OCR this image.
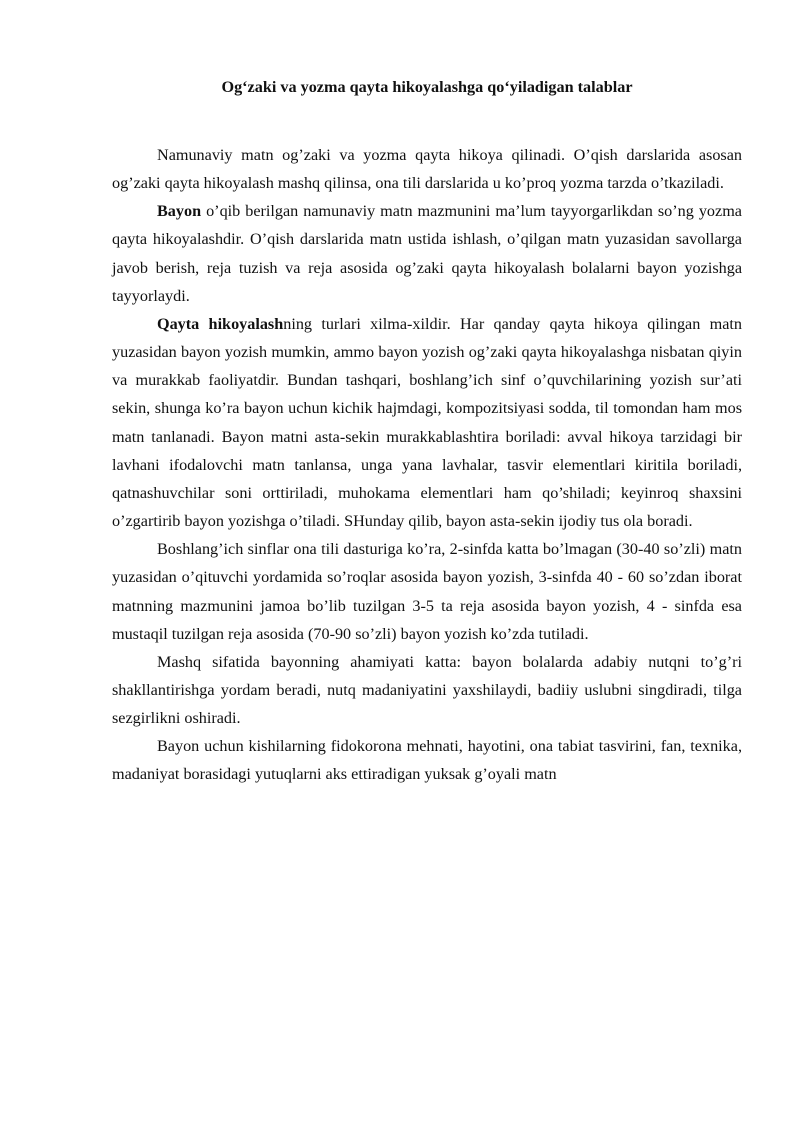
Og‘zaki va yozma qayta hikoyalashga qo‘yiladigan talablar

Namunaviy matn og’zaki va yozma qayta hikoya qilinadi. O’qish darslarida asosan og’zaki qayta hikoyalash mashq qilinsa, ona tili darslarida u ko’proq yozma tarzda o’tkaziladi.

Bayon o’qib berilgan namunaviy matn mazmunini ma’lum tayyorgarlikdan so’ng yozma qayta hikoyalashdir. O’qish darslarida matn ustida ishlash, o’qilgan matn yuzasidan savollarga javob berish, reja tuzish va reja asosida og’zaki qayta hikoyalash bolalarni bayon yozishga tayyorlaydi.

Qayta hikoyalashning turlari xilma-xildir. Har qanday qayta hikoya qilingan matn yuzasidan bayon yozish mumkin, ammo bayon yozish og’zaki qayta hikoyalashga nisbatan qiyin va murakkab faoliyatdir. Bundan tashqari, boshlang’ich sinf o’quvchilarining yozish sur’ati sekin, shunga ko’ra bayon uchun kichik hajmdagi, kompozitsiyasi sodda, til tomondan ham mos matn tanlanadi. Bayon matni asta-sekin murakkablashtira boriladi: avval hikoya tarzidagi bir lavhani ifodalovchi matn tanlansa, unga yana lavhalar, tasvir elementlari kiritila boriladi, qatnashuvchilar soni orttiriladi, muhokama elementlari ham qo’shiladi; keyinroq shaxsini o’zgartirib bayon yozishga o’tiladi. SHunday qilib, bayon asta-sekin ijodiy tus ola boradi.

Boshlang’ich sinflar ona tili dasturiga ko’ra, 2-sinfda katta bo’lmagan (30-40 so’zli) matn yuzasidan o’qituvchi yordamida so’roqlar asosida bayon yozish, 3-sinfda 40 - 60 so’zdan iborat matnning mazmunini jamoa bo’lib tuzilgan 3-5 ta reja asosida bayon yozish, 4 - sinfda esa mustaqil tuzilgan reja asosida (70-90 so’zli) bayon yozish ko’zda tutiladi.

Mashq sifatida bayonning ahamiyati katta: bayon bolalarda adabiy nutqni to’g’ri shakllantirishga yordam beradi, nutq madaniyatini yaxshilaydi, badiiy uslubni singdiradi, tilga sezgirlikni oshiradi.

Bayon uchun kishilarning fidokorona mehnati, hayotini, ona tabiat tasvirini, fan, texnika, madaniyat borasidagi yutuqlarni aks ettiradigan yuksak g’oyali matn
